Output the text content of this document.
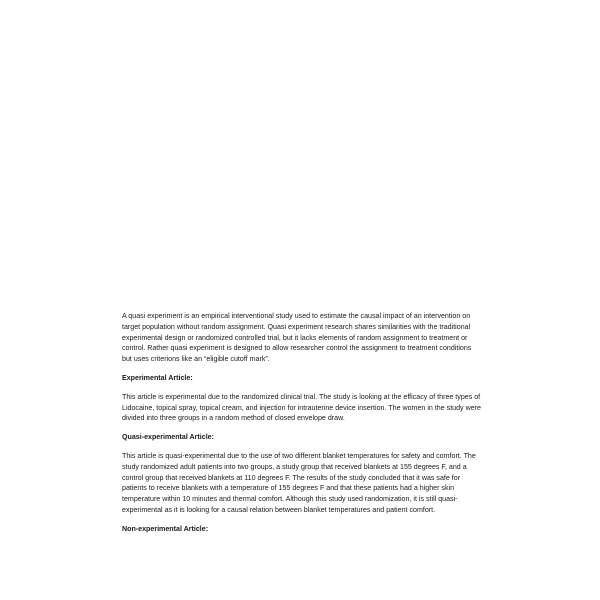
A quasi experiment is an empirical interventional study used to estimate the causal impact of an intervention on target population without random assignment. Quasi experiment research shares similarities with the traditional experimental design or randomized controlled trial, but it lacks elements of random assignment to treatment or control. Rather quasi experiment is designed to allow researcher control the assignment to treatment conditions but uses criterions like an “eligible cutoff mark”.

Experimental Article:

This article is experimental due to the randomized clinical trial. The study is looking at the efficacy of three types of Lidocaine, topical spray, topical cream, and injection for intrauterine device insertion. The women in the study were divided into three groups in a random method of closed envelope draw.

Quasi-experimental Article:

This article is quasi-experimental due to the use of two different blanket temperatures for safety and comfort. The study randomized adult patients into two groups, a study group that received blankets at 155 degrees F, and a control group that received blankets at 110 degrees F. The results of the study concluded that it was safe for patients to receive blankets with a temperature of 155 degrees F and that these patients had a higher skin temperature within 10 minutes and thermal comfort. Although this study used randomization, it is still quasi-experimental as it is looking for a causal relation between blanket temperatures and patient comfort.

Non-experimental Article:
